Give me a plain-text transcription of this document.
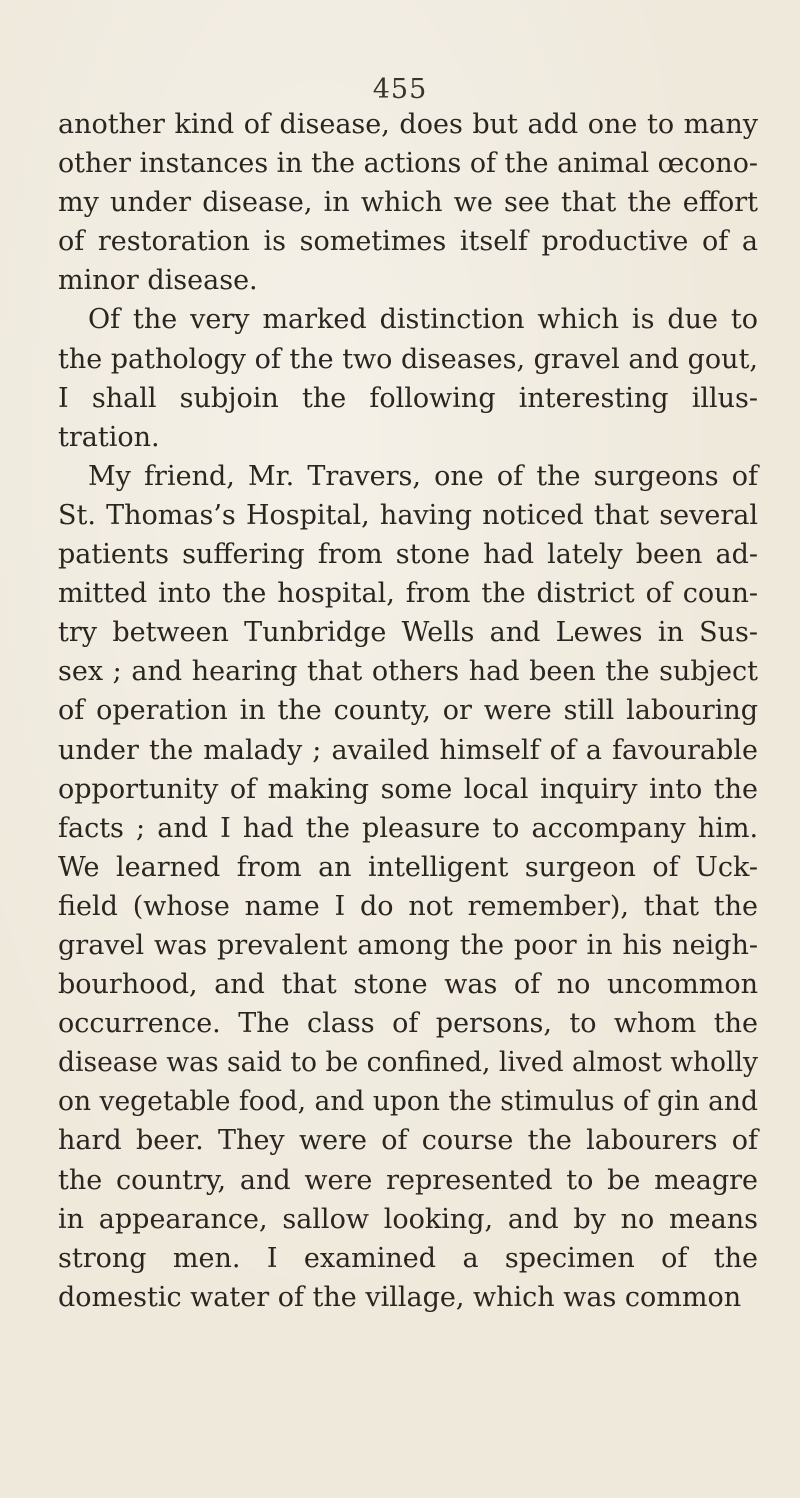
455
another kind of disease, does but add one to many
other instances in the actions of the animal œcono-
my under disease, in which we see that the effort
of restoration is sometimes itself productive of a
minor disease.
Of the very marked distinction which is due to
the pathology of the two diseases, gravel and gout,
I shall subjoin the following interesting illus-
tration.
My friend, Mr. Travers, one of the surgeons of
St. Thomas’s Hospital, having noticed that several
patients suffering from stone had lately been ad-
mitted into the hospital, from the district of coun-
try between Tunbridge Wells and Lewes in Sus-
sex ; and hearing that others had been the subject
of operation in the county, or were still labouring
under the malady ; availed himself of a favourable
opportunity of making some local inquiry into the
facts ; and I had the pleasure to accompany him.
We learned from an intelligent surgeon of Uck-
field (whose name I do not remember), that the
gravel was prevalent among the poor in his neigh-
bourhood, and that stone was of no uncommon
occurrence. The class of persons, to whom the
disease was said to be confined, lived almost wholly
on vegetable food, and upon the stimulus of gin and
hard beer. They were of course the labourers of
the country, and were represented to be meagre
in appearance, sallow looking, and by no means
strong men. I examined a specimen of the
domestic water of the village, which was common
